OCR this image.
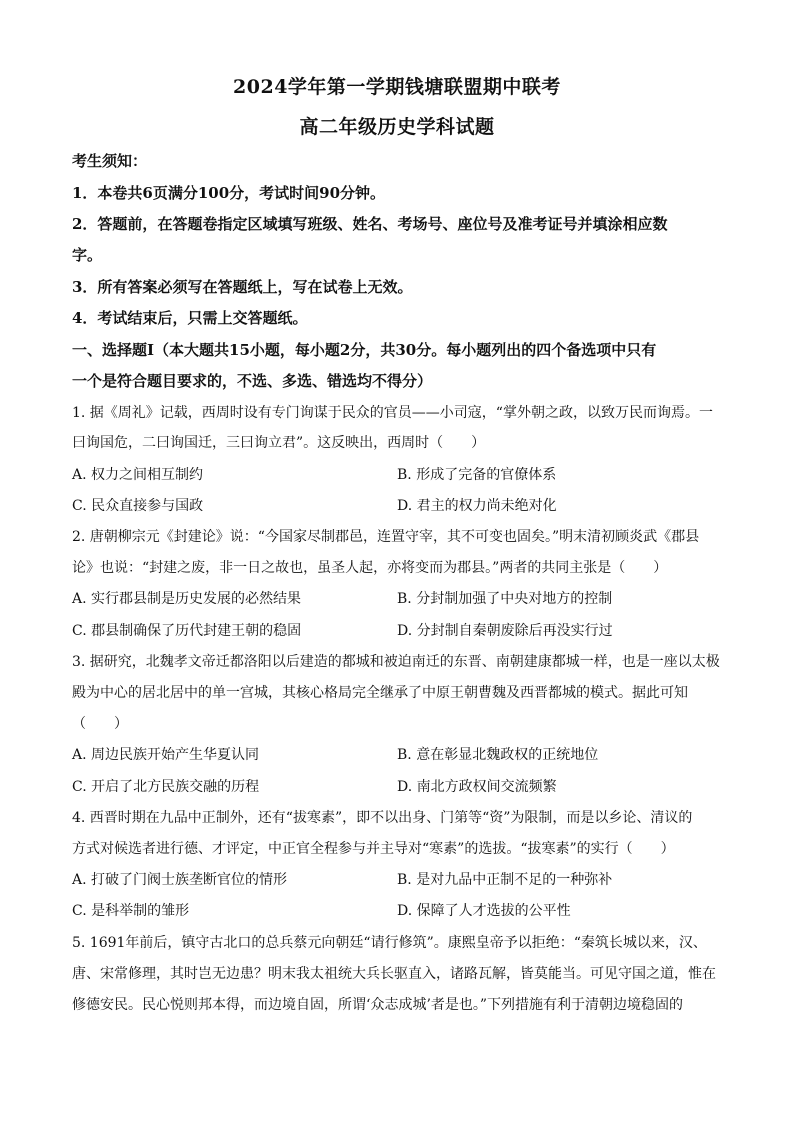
2024学年第一学期钱塘联盟期中联考
高二年级历史学科试题
考生须知：
1．本卷共6页满分100分，考试时间90分钟。
2．答题前，在答题卷指定区域填写班级、姓名、考场号、座位号及准考证号并填涂相应数
字。
3．所有答案必须写在答题纸上，写在试卷上无效。
4．考试结束后，只需上交答题纸。
一、选择题Ⅰ（本大题共15小题，每小题2分，共30分。每小题列出的四个备选项中只有
一个是符合题目要求的，不选、多选、错选均不得分）
1. 据《周礼》记载，西周时设有专门询谋于民众的官员——小司寇，“掌外朝之政，以致万民而询焉。一
曰询国危，二曰询国迁，三曰询立君”。这反映出，西周时（　　）
A. 权力之间相互制约	B. 形成了完备的官僚体系
C. 民众直接参与国政	D. 君主的权力尚未绝对化
2. 唐朝柳宗元《封建论》说：“今国家尽制郡邑，连置守宰，其不可变也固矣。”明末清初顾炎武《郡县
论》也说：“封建之废，非一日之故也，虽圣人起，亦将变而为郡县。”两者的共同主张是（　　）
A. 实行郡县制是历史发展的必然结果	B. 分封制加强了中央对地方的控制
C. 郡县制确保了历代封建王朝的稳固	D. 分封制自秦朝废除后再没实行过
3. 据研究，北魏孝文帝迁都洛阳以后建造的都城和被迫南迁的东晋、南朝建康都城一样，也是一座以太极
殿为中心的居北居中的单一宫城，其核心格局完全继承了中原王朝曹魏及西晋都城的模式。据此可知
（　　）
A. 周边民族开始产生华夏认同	B. 意在彰显北魏政权的正统地位
C. 开启了北方民族交融的历程	D. 南北方政权间交流频繁
4. 西晋时期在九品中正制外，还有“拔寒素”，即不以出身、门第等“资”为限制，而是以乡论、清议的
方式对候选者进行德、才评定，中正官全程参与并主导对“寒素”的选拔。“拔寒素”的实行（　　）
A. 打破了门阀士族垄断官位的情形	B. 是对九品中正制不足的一种弥补
C. 是科举制的雏形	D. 保障了人才选拔的公平性
5. 1691年前后，镇守古北口的总兵蔡元向朝廷“请行修筑”。康熙皇帝予以拒绝：“秦筑长城以来，汉、
唐、宋常修理，其时岂无边患？明末我太祖统大兵长驱直入，诸路瓦解，皆莫能当。可见守国之道，惟在
修德安民。民心悦则邦本得，而边境自固，所谓‘众志成城’者是也。”下列措施有利于清朝边境稳固的
